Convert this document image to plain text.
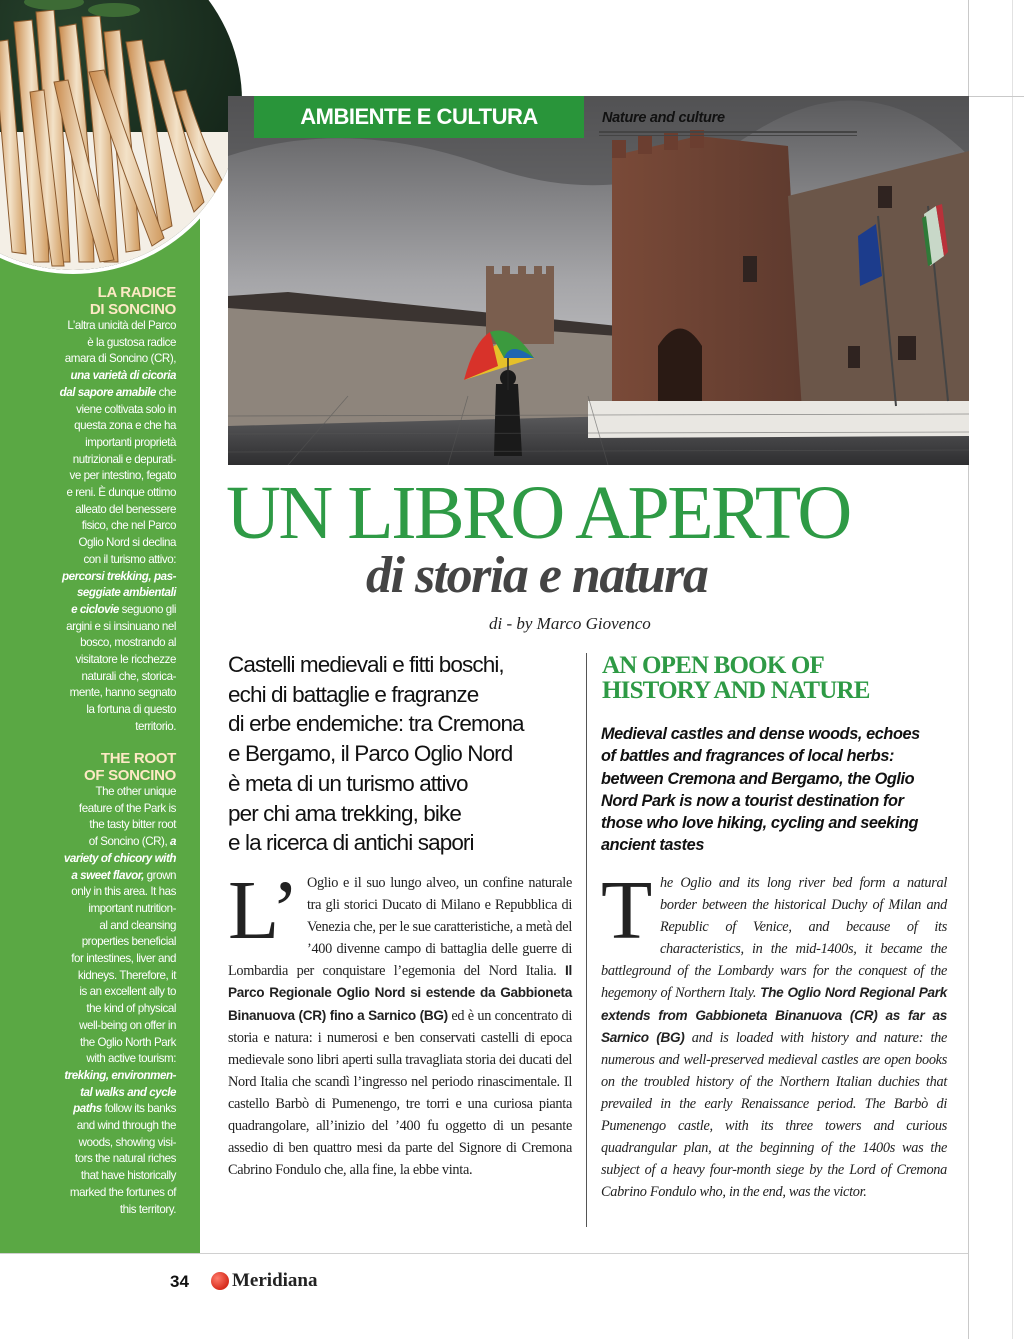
LA RADICE
DI SONCINO
L’altra unicità del Parco
è la gustosa radice
amara di Soncino (CR),
una varietà di cicoria
dal sapore amabile che
viene coltivata solo in
questa zona e che ha
importanti proprietà
nutrizionali e depurati-
ve per intestino, fegato
e reni. È dunque ottimo
alleato del benessere
fisico, che nel Parco
Oglio Nord si declina
con il turismo attivo:
percorsi trekking, pas-
seggiate ambientali
e ciclovie seguono gli
argini e si insinuano nel
bosco, mostrando al
visitatore le ricchezze
naturali che, storica-
mente, hanno segnato
la fortuna di questo
territorio.
THE ROOT
OF SONCINO
The other unique
feature of the Park is
the tasty bitter root
of Soncino (CR), a
variety of chicory with
a sweet flavor, grown
only in this area. It has
important nutrition-
al and cleansing
properties beneficial
for intestines, liver and
kidneys. Therefore, it
is an excellent ally to
the kind of physical
well-being on offer in
the Oglio North Park
with active tourism:
trekking, environmen-
tal walks and cycle
paths follow its banks
and wind through the
woods, showing visi-
tors the natural riches
that have historically
marked the fortunes of
this territory.
AMBIENTE E CULTURA	Nature and culture
UN LIBRO APERTO
di storia e natura
di - by Marco Giovenco
Castelli medievali e fitti boschi,
echi di battaglie e fragranze
di erbe endemiche: tra Cremona
e Bergamo, il Parco Oglio Nord
è meta di un turismo attivo
per chi ama trekking, bike
e la ricerca di antichi sapori
AN OPEN BOOK OF
HISTORY AND NATURE
Medieval castles and dense woods, echoes
of battles and fragrances of local herbs:
between Cremona and Bergamo, the Oglio
Nord Park is now a tourist destination for
those who love hiking, cycling and seeking
ancient tastes
L’ Oglio e il suo lungo alveo, un confine naturale tra gli storici Ducato di Milano e Repubblica di Venezia che, per le sue caratteristiche, a metà del ’400 divenne campo di battaglia delle guerre di Lombardia per conquistare l’egemonia del Nord Italia. Il Parco Regionale Oglio Nord si estende da Gabbioneta Binanuova (CR) fino a Sarnico (BG) ed è un concentrato di storia e natura: i numerosi e ben conservati castelli di epoca medievale sono libri aperti sulla travagliata storia dei ducati del Nord Italia che scandì l’ingresso nel periodo rinascimentale. Il castello Barbò di Pumenengo, tre torri e una curiosa pianta quadrangolare, all’inizio del ’400 fu oggetto di un pesante assedio di ben quattro mesi da parte del Signore di Cremona Cabrino Fondulo che, alla fine, la ebbe vinta.
The Oglio and its long river bed form a natural border between the historical Duchy of Milan and Republic of Venice, and because of its characteristics, in the mid-1400s, it became the battleground of the Lombardy wars for the conquest of the hegemony of Northern Italy. The Oglio Nord Regional Park extends from Gabbioneta Binanuova (CR) as far as Sarnico (BG) and is loaded with history and nature: the numerous and well-preserved medieval castles are open books on the troubled history of the Northern Italian duchies that prevailed in the early Renaissance period. The Barbò di Pumenengo castle, with its three towers and curious quadrangular plan, at the beginning of the 1400s was the subject of a heavy four-month siege by the Lord of Cremona Cabrino Fondulo who, in the end, was the victor.
34 Meridiana
